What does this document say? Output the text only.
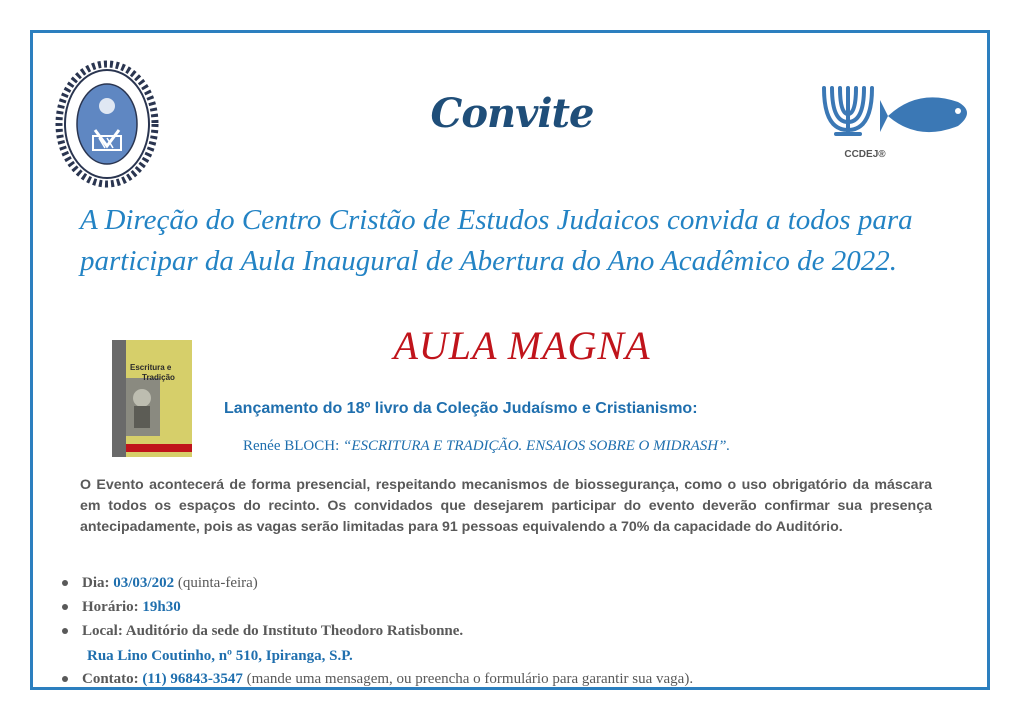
CCDEJ®
Convite
A Direção do Centro Cristão de Estudos Judaicos convida a todos para participar da Aula Inaugural de Abertura do Ano Acadêmico de 2022.
AULA MAGNA
Escritura e
Tradição
Lançamento do 18º livro da Coleção Judaísmo e Cristianismo:
Renée BLOCH: “ESCRITURA E TRADIÇÃO. ENSAIOS SOBRE O MIDRASH”.
O Evento acontecerá de forma presencial, respeitando mecanismos de biossegurança, como o uso obrigatório da máscara em todos os espaços do recinto. Os convidados que desejarem participar do evento deverão confirmar sua presença antecipadamente, pois as vagas serão limitadas para 91 pessoas equivalendo a 70% da capacidade do Auditório.
Dia: 03/03/202 (quinta-feira)
Horário: 19h30
Local: Auditório da sede do Instituto Theodoro Ratisbonne.
Contato: (11) 96843-3547 (mande uma mensagem, ou preencha o formulário para garantir sua vaga).
Rua Lino Coutinho, nº 510, Ipiranga, S.P.
